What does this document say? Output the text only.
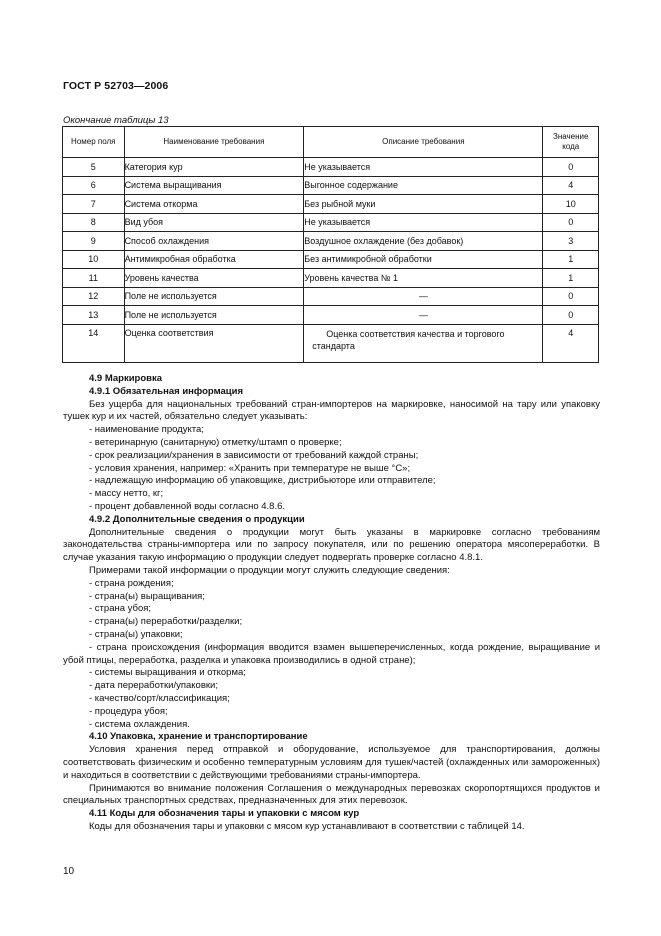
ГОСТ Р 52703—2006
Окончание таблицы 13
Номер поля	Наименование требования	Описание требования	Значение кода
5	Категория кур	Не указывается	0
6	Система выращивания	Выгонное содержание	4
7	Система откорма	Без рыбной муки	10
8	Вид убоя	Не указывается	0
9	Способ охлаждения	Воздушное охлаждение (без добавок)	3
10	Антимикробная обработка	Без антимикробной обработки	1
11	Уровень качества	Уровень качества № 1	1
12	Поле не используется	—	0
13	Поле не используется	—	0
14	Оценка соответствия	Оценка соответствия качества и торгового стандарта	4

4.9 Маркировка

4.9.1 Обязательная информация

Без ущерба для национальных требований стран-импортеров на маркировке, наносимой на тару или упаковку тушек кур и их частей, обязательно следует указывать:

- наименование продукта;

- ветеринарную (санитарную) отметку/штамп о проверке;

- срок реализации/хранения в зависимости от требований каждой страны;

- условия хранения, например: «Хранить при температуре не выше °С»;

- надлежащую информацию об упаковщике, дистрибьюторе или отправителе;

- массу нетто, кг;

- процент добавленной воды согласно 4.8.6.

4.9.2 Дополнительные сведения о продукции

Дополнительные сведения о продукции могут быть указаны в маркировке согласно требованиям законодательства страны-импортера или по запросу покупателя, или по решению оператора мясопереработки. В случае указания такую информацию о продукции следует подвергать проверке согласно 4.8.1.

Примерами такой информации о продукции могут служить следующие сведения:

- страна рождения;

- страна(ы) выращивания;

- страна убоя;

- страна(ы) переработки/разделки;

- страна(ы) упаковки;

- страна происхождения (информация вводится взамен вышеперечисленных, когда рождение, выращивание и убой птицы, переработка, разделка и упаковка производились в одной стране);

- системы выращивания и откорма;

- дата переработки/упаковки;

- качество/сорт/классификация;

- процедура убоя;

- система охлаждения.

4.10 Упаковка, хранение и транспортирование

Условия хранения перед отправкой и оборудование, используемое для транспортирования, должны соответствовать физическим и особенно температурным условиям для тушек/частей (охлажденных или замороженных) и находиться в соответствии с действующими требованиями страны-импортера.

Принимаются во внимание положения Соглашения о международных перевозках скоропортящихся продуктов и специальных транспортных средствах, предназначенных для этих перевозок.

4.11 Коды для обозначения тары и упаковки с мясом кур

Коды для обозначения тары и упаковки с мясом кур устанавливают в соответствии с таблицей 14.

10
